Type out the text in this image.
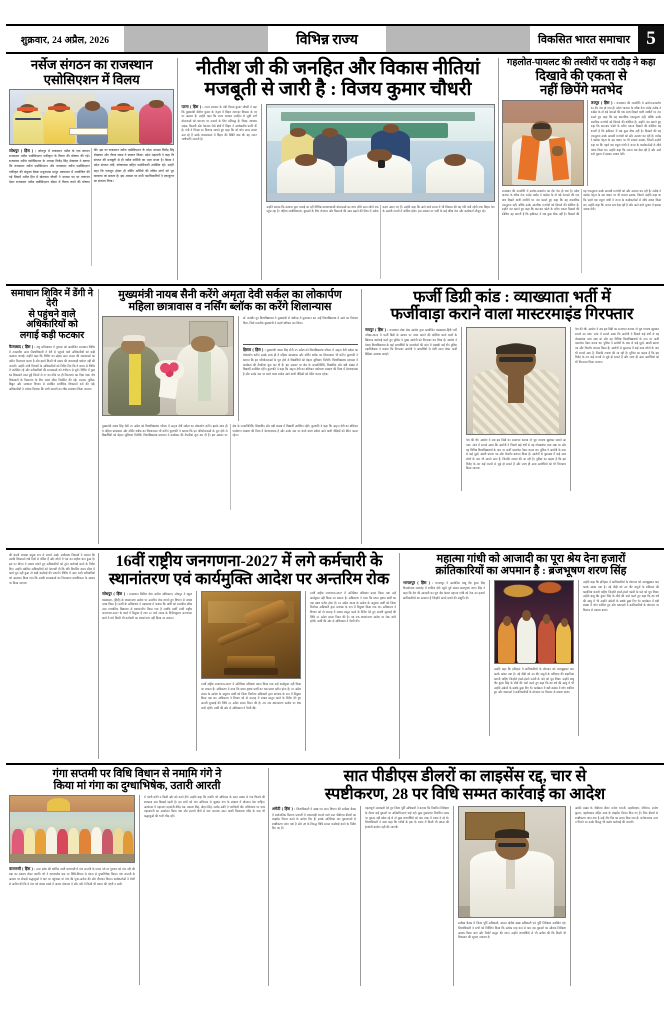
शुक्रवार, 24 अप्रैल, 2026	विभिन्न राज्य	विकसित भारत समाचार 5
नर्सेज संगठन का राजस्थान
एसोसिएशन में विलय
जोधपुर ( हिंस ) । जोधपुर में राजस्थान नर्सेज के एक संगठन राजस्थान नर्सेज एसोसिएशन एकीकृत के विलय की घोषणा की गई। राजस्थान नर्सेज एसोसिएशन के अध्यक्ष विजेंद्र सिंह शेखावत ने बताया कि राजस्थान नर्सेज एसोसिएशन और राजस्थान नर्सेज एसोसिएशन एकीकृत की संयुक्त बैठक मथुरादास माथुर अस्पताल में आयोजित की गई जिसमें नर्सेज हित में खेताराम चौधरी ने अध्यक्ष पद पर न्यागपत्र देकर राजस्थान नर्सेज एसोसिएशन दौसाा में विलय करने की घोषणा की। इस पर राजस्थान नर्सेज एसोसिएशन के प्रदेश अध्यक्ष विजेंद्र सिंह शेखावत और नीरज व्यास ने स्वागत किया। प्रदेश महामंत्री ने कहा कि संगठन की मजबूती से ही नर्सेज कर्मियों का भला संभव है। बैठक में प्रदेश संगठन मंत्री, कोषाध्यक्ष सहित पदाधिकारी उपस्थित रहे। उन्होंने कहा कि एकजुट होकर ही नर्सिंग कर्मियों की लंबित मांगों को पूरा करवाया जा सकता है। इस अवसर पर सभी पदाधिकारियों ने एकजुटता का संकल्प लिया।
नीतीश जी की जनहित और विकास नीतियां
मजबूती से जारी है : विजय कुमार चौधरी
पटना ( हिंस ) । राज्य सरकार के मंत्री विजय कुमार चौधरी ने कहा कि मुख्यमंत्री नीतीश कुमार के नेतृत्व में बिहार लगातार विकास के पथ पर अग्रसर है। उन्होंने कहा कि राज्य सरकार जनहित से जुड़ी सभी योजनाओं को धरातल पर उतारने के लिए प्रतिबद्ध है। शिक्षा, स्वास्थ्य, सड़क, बिजली और पेयजल जैसे क्षेत्रों में बिहार ने उल्लेखनीय प्रगति की है। मंत्री ने विपक्ष पर निशाना साधते हुए कहा कि जो लोग आज सवाल उठा रहे हैं उनके शासनकाल में बिहार की स्थिति क्या थी, यह जनता भलीभांति जानती है।
उन्होंने बताया कि सरकार द्वारा चलाई जा रही विभिन्न कल्याणकारी योजनाओं का लाभ सीधे आम लोगों तक पहुंच रहा है। महिला सशक्तिकरण, युवाओं के लिए रोजगार और किसानों की आय बढ़ाने की दिशा में अनेक कदम उठाए गए हैं। उन्होंने कहा कि आने वाले समय में भी विकास की यह गति बनी रहेगी तथा बिहार देश के अग्रणी राज्यों में शामिल होगा। इस अवसर पर पार्टी के कई वरिष्ठ नेता और कार्यकर्ता मौजूद रहे।
गहलोत-पायलट की तस्वीरों पर राठौड़ ने कहा
दिखावे की एकता से
नहीं छिपेंगे मतभेद
जयपुर ( हिंस ) । राजस्थान की राजनीति में आरोप-प्रत्यारोप का दौर तेज हो गया है। प्रदेश भाजपा के वरिष्ठ नेता राजेंद्र राठौड़ ने कांग्रेस के दो बड़े नेताओं की एक साथ दिखने वाली तस्वीरों पर तंज कसते हुए कहा कि यह वास्तविक एकजुटता नहीं, बल्कि उनके आंतरिक मतभेदों को छिपाने की कोशिश है। उन्होंने तंज कसते हुए कहा कि बार-बार फोटो के जरिए एकता दिखाने की कोशिश यह बताती है कि हकीकत में सब कुछ ठीक नहीं है। दिखाने की यह एकजुटता उनके आपसी मतभेदों को और उजागर कर रही है। राठौड़ ने कांग्रेस नेतृत्व के उस बयान पर भी सवाल उठाया, जिसमें उन्होंने कहा था कि पहले बार राहुल गांधी ने राज्य के कार्यकर्ताओं से सीधे संवाद किया था। उन्होंने कहा कि जनता सब देख रही है और आने वाले चुनाव में इसका जवाब देगी।
राजस्थान की राजनीति में आरोप-प्रत्यारोप का दौर तेज हो गया है। प्रदेश भाजपा के वरिष्ठ नेता राजेंद्र राठौड़ ने कांग्रेस के दो बड़े नेताओं की एक साथ दिखने वाली तस्वीरों पर तंज कसते हुए कहा कि यह वास्तविक एकजुटता नहीं, बल्कि उनके आंतरिक मतभेदों को छिपाने की कोशिश है। उन्होंने तंज कसते हुए कहा कि बार-बार फोटो के जरिए एकता दिखाने की कोशिश यह बताती है कि हकीकत में सब कुछ ठीक नहीं है। दिखाने की यह एकजुटता उनके आपसी मतभेदों को और उजागर कर रही है। राठौड़ ने कांग्रेस नेतृत्व के उस बयान पर भी सवाल उठाया, जिसमें उन्होंने कहा था कि पहले बार राहुल गांधी ने राज्य के कार्यकर्ताओं से सीधे संवाद किया था। उन्होंने कहा कि जनता सब देख रही है और आने वाले चुनाव में इसका जवाब देगी।
समाधान शिविर में डेंगी ने देरी
से पहुंचने वाले अधिकारियों को
लगाई कड़ी फटकार
फैजाबाद ( हिंस ) । राघु सचिवालय में गुरुवार को आयोजित समाधान शिविर में तत्कालीन अपर जिलाधिकारी ने देरी से पहुंचने वाले अधिकारियों को कड़ी फटकार लगाई। उन्होंने कहा कि शिविर का उद्देश्य आम जनता की समस्याओं का त्वरित निस्तारण करना है और इसमें किसी भी प्रकार की लापरवाही बर्दाश्त नहीं की जाएगी। उन्होंने सभी विभागों के अधिकारियों को निर्देश दिए कि वे समय से शिविर में उपस्थित रहें और फरियादियों की समस्याओं को गंभीरता से सुनें। शिविर में कुल 84 शिकायतें प्राप्त हुईं जिनमें से 37 का मौके पर ही निस्तारण कर दिया गया। शेष शिकायतों के निस्तारण के लिए समय सीमा निर्धारित की गई। राजस्व, पुलिस, विद्युत और जलकल विभाग से संबंधित सर्वाधिक शिकायतें दर्ज की गईं। अधिकारियों ने भरोसा दिलाया कि सभी मामलों का शीघ्र समाधान किया जाएगा।
मुख्यमंत्री नायब सैनी करेंगे अमृता देवी सर्कल का लोकार्पण
महिला छात्रावास व नर्सिंग ब्लॉक का करेंगे शिलान्यास
डॉ. सतबीर दून विश्वविद्यालय ने मुख्यमंत्री से चंडीगढ़ में मुलाकात कर उन्हें विश्वविद्यालय में आने का निमंत्रण दिया, जिसे माननीय मुख्यमंत्री ने सहर्ष स्वीकार कर लिया।
हिसार ( हिंस ) । मुख्यमंत्री नायब सिंह सैनी 25 अप्रैल को विश्वविद्यालय परिसर में अमृता देवी सर्कल का लोकार्पण करेंगे। इसके साथ ही वे महिला छात्रावास और नर्सिंग ब्लॉक का शिलान्यास भी करेंगे। कुलपति ने बताया कि इन परियोजनाओं के पूरा होने से विद्यार्थियों को बेहतर सुविधाएं मिलेंगी। विश्वविद्यालय प्रशासन ने कार्यक्रम की तैयारियां शुरू कर दी हैं। इस अवसर पर क्षेत्र के जनप्रतिनिधि, शिक्षाविद और बड़ी संख्या में विद्यार्थी उपस्थित रहेंगे। कुलपति ने कहा कि अमृता देवी का बलिदान पर्यावरण संरक्षण की दिशा में प्रेरणादायक है और उनके नाम पर बनने वाला सर्कल आने वाली पीढ़ियों को प्रेरित करता रहेगा।
मुख्यमंत्री नायब सिंह सैनी 25 अप्रैल को विश्वविद्यालय परिसर में अमृता देवी सर्कल का लोकार्पण करेंगे। इसके साथ ही वे महिला छात्रावास और नर्सिंग ब्लॉक का शिलान्यास भी करेंगे। कुलपति ने बताया कि इन परियोजनाओं के पूरा होने से विद्यार्थियों को बेहतर सुविधाएं मिलेंगी। विश्वविद्यालय प्रशासन ने कार्यक्रम की तैयारियां शुरू कर दी हैं। इस अवसर पर क्षेत्र के जनप्रतिनिधि, शिक्षाविद और बड़ी संख्या में विद्यार्थी उपस्थित रहेंगे। कुलपति ने कहा कि अमृता देवी का बलिदान पर्यावरण संरक्षण की दिशा में प्रेरणादायक है और उनके नाम पर बनने वाला सर्कल आने वाली पीढ़ियों को प्रेरित करता रहेगा।
फर्जी डिग्री कांड : व्याख्याता भर्ती में
फर्जीवाड़ा कराने वाला मास्टरमाइंड गिरफ्तार
जयपुर ( हिंस ) । राजस्थान लोक सेवा आयोग द्वारा आयोजित व्याख्याता-हिंदी भर्ती परीक्षा-2022 में फर्जी डिग्री के आधार पर चयन कराने की कोशिश करने वालों के खिलाफ कार्रवाई करते हुए पुलिस ने मुख्य आरोपी को गिरफ्तार कर लिया है। आयोग ने मेवाड़ विश्वविद्यालय के कई अभ्यर्थियों के दस्तावेजों की जांच में गड़बड़ी पाई थी। पुलिस महानिरीक्षक ने बताया कि गिरफ्तार आरोपी ने अभ्यर्थियों से मोटी रकम लेकर फर्जी डिग्रियां उपलब्ध कराईं।
पेश की थी। आयोग ने जब इस डिग्री का सत्यापन कराया तो पूरा मामला खुलकर सामने आ गया। जांच में सामने आया कि आरोपी ने पिछले कई वर्षों से यह गोरखधंधा चला रखा था और वह विभिन्न विश्वविद्यालयों के नाम पर फर्जी दस्तावेज तैयार करता था। पुलिस ने आरोपी के पास से कई मुहरें, खाली प्रमाण पत्र और लैपटॉप बरामद किया है। आरोपी से पूछताछ में कई अन्य लोगों के नाम भी सामने आए हैं, जिनकी तलाश की जा रही है। पुलिस का कहना है कि इस गिरोह के तार कई राज्यों से जुड़े हो सकते हैं और जल्द ही अन्य आरोपियों को भी गिरफ्तार किया जाएगा।
पेश की थी। आयोग ने जब इस डिग्री का सत्यापन कराया तो पूरा मामला खुलकर सामने आ गया। जांच में सामने आया कि आरोपी ने पिछले कई वर्षों से यह गोरखधंधा चला रखा था और वह विभिन्न विश्वविद्यालयों के नाम पर फर्जी दस्तावेज तैयार करता था। पुलिस ने आरोपी के पास से कई मुहरें, खाली प्रमाण पत्र और लैपटॉप बरामद किया है। आरोपी से पूछताछ में कई अन्य लोगों के नाम भी सामने आए हैं, जिनकी तलाश की जा रही है। पुलिस का कहना है कि इस गिरोह के तार कई राज्यों से जुड़े हो सकते हैं और जल्द ही अन्य आरोपियों को भी गिरफ्तार किया जाएगा।
की बढ़ती समस्या प्रमुख रूप से सामने आई। अधीनस्थ निकायों ने बताया कि उनकी शिकायतें लंबे दिनों से लंबित हैं और लोगों में भय का माहौल बना हुआ है। इस पर डीएम ने जवाब मांगते हुए अधिकारियों को तुरंत कार्रवाई करने के निर्देश दिए। उन्होंने संबंधित अधिकारियों को चेतावनी दी कि यदि निर्धारित समय सीमा में कार्य पूरा नहीं हुआ तो कड़ी कार्रवाई की जाएगी। शिविर में आए सभी फरियादियों को आश्वस्त किया गया कि उनकी समस्याओं का निराकरण प्राथमिकता के आधार पर किया जाएगा।
16वीं राष्ट्रीय जनगणना-2027 में लगे कर्मचारी के
स्थानांतरण एवं कार्यमुक्ति आदेश पर अन्तरिम रोक
जोधपुर ( हिंस ) । राजस्थान सिविल सेवा अपील अधिकरण, जोधपुर ने स्कूल व्याख्याता, (हिंदी) के स्थानांतरण आदेश पर अन्तरिम रोक लगाते हुए विभाग से जवाब तलब किया है। प्रार्थी के अधिवक्ता ने न्यायालय में बताया कि प्रार्थी को राजकीय वरिष्ठ उच्च माध्यमिक विद्यालय से स्थानांतरित किया गया है जबकि प्रार्थी 16वीं राष्ट्रीय जनगणना-2027 के कार्य में नियुक्त है तथा 12 मार्च 2026 के निर्देशानुसार जनगणना कार्य में लगे किसी भी कर्मचारी का स्थानांतरण नहीं किया जा सकता।
16वीं राष्ट्रीय जनगणना-2027 में अतिरिक्त प्रशिक्षण प्रदान किया गया उन्हें कार्यमुक्त नहीं किया जा सकता है। अधिकरण ने माना कि प्रथम दृष्टया प्रार्थी का पक्ष प्रबल प्रतीत होता है। 01 अप्रैल 2026 के आदेश के अनुसार प्रार्थी को जिला निर्वाचन अधिकारी द्वारा प्रगणक के रूप में नियुक्त किया गया था। अधिकरण ने विभाग को दो सप्ताह में जवाब प्रस्तुत करने के निर्देश देते हुए अगली सुनवाई की तिथि 21 अप्रैल 2026 नियत की है। तब तक स्थानांतरण आदेश पर रोक जारी रहेगी। प्रार्थी की ओर से अधिवक्ता ने पैरवी की।
16वीं राष्ट्रीय जनगणना-2027 में अतिरिक्त प्रशिक्षण प्रदान किया गया उन्हें कार्यमुक्त नहीं किया जा सकता है। अधिकरण ने माना कि प्रथम दृष्टया प्रार्थी का पक्ष प्रबल प्रतीत होता है। 01 अप्रैल 2026 के आदेश के अनुसार प्रार्थी को जिला निर्वाचन अधिकारी द्वारा प्रगणक के रूप में नियुक्त किया गया था। अधिकरण ने विभाग को दो सप्ताह में जवाब प्रस्तुत करने के निर्देश देते हुए अगली सुनवाई की तिथि 21 अप्रैल 2026 नियत की है। तब तक स्थानांतरण आदेश पर रोक जारी रहेगी। प्रार्थी की ओर से अधिवक्ता ने पैरवी की।
महात्मा गांधी को आजादी का पूरा श्रेय देना हजारों
क्रांतिकारियों का अपमान है : ब्रजभूषण शरण सिंह
भागलपुर ( हिंस ) । भागलपुर में आयोजित बाबू वीर कुंवर सिंह विजयोत्सव समारोह में शामिल होने पहुंचे पूर्व सांसद ब्रजभूषण शरण सिंह ने कहा कि देश की आजादी का पूरा श्रेय केवल महात्मा गांधी को देना उन हजारों क्रांतिकारियों का अपमान है जिन्होंने अपने प्राणों की आहुति दी।
उन्होंने कहा कि इतिहास में क्रांतिकारियों के योगदान को जानबूझकर कम करके आंका गया है। नई पीढ़ी को उन वीर सपूतों के बलिदान की कहानियां बतानी चाहिए जिन्होंने हंसते-हंसते फांसी के फंदे को चूम लिया। उन्होंने बाबू वीर कुंवर सिंह के शौर्य की चर्चा करते हुए कहा कि 80 वर्ष की आयु में भी उन्होंने अंग्रेजों के छक्के छुड़ा दिए थे। कार्यक्रम में बड़ी संख्या में लोग शामिल हुए और वक्ताओं ने क्रांतिकारियों के योगदान पर विस्तार से प्रकाश डाला।
उन्होंने कहा कि इतिहास में क्रांतिकारियों के योगदान को जानबूझकर कम करके आंका गया है। नई पीढ़ी को उन वीर सपूतों के बलिदान की कहानियां बतानी चाहिए जिन्होंने हंसते-हंसते फांसी के फंदे को चूम लिया। उन्होंने बाबू वीर कुंवर सिंह के शौर्य की चर्चा करते हुए कहा कि 80 वर्ष की आयु में भी उन्होंने अंग्रेजों के छक्के छुड़ा दिए थे। कार्यक्रम में बड़ी संख्या में लोग शामिल हुए और वक्ताओं ने क्रांतिकारियों के योगदान पर विस्तार से प्रकाश डाला।
गंगा सप्तमी पर विधि विधान से नमामि गंगे ने
किया मां गंगा का दुग्धाभिषेक, उतारी आरती
वाराणसी ( हिंस ) । उत्तर प्रदेश की धार्मिक नगरी वाराणसी में गंगा सप्तमी के पावन पर्व पर गुरुवार को गंगा नदी की रक्षा का संकल्प लेकर नमामि गंगे ने दशाश्वमेध घाट पर विधि-विधान से वंदना से दुग्धाभिषेक किया। गंगा सप्तमी के अवसर पर सैकड़ों श्रद्धालुओं ने घाट पर पहुंचकर मां गंगा की पूजा-अर्चना की और दीपदान किया। कार्यकर्ताओं ने लोगों से अपील की कि वे गंगा को स्वच्छ रखने में अपना योगदान दें और नदी में किसी भी प्रकार की गंदगी न डालें।
में गंदगी करेंगे न किसी और को करने देंगे। उन्होंने कहा कि नमामि गंगे अभियान के सतत प्रयास से गंगा किनारे की स्वच्छता अब दिखाई पड़ती है। हम सभी को गंगा अभियान से जुड़कर गंगा के संरक्षण में योगदान देना चाहिए। आयोजन में महानगर महामंत्री वीरेंद्र राय, प्रकाश सिंह, मोहन सिंह, सत्येंद्र आदि ने भागीदारी की। ललितघाट पर भव्य महाआरती का आयोजन किया गया और हजारों दीपों से घाट जगमगा उठा। काशी विश्वनाथ मंदिर के पास भी श्रद्धालुओं की भारी भीड़ रही।
सात पीडीएस डीलरों का लाइसेंस रद्द, चार से
स्पष्टीकरण, 28 पर विधि सम्मत कार्रवाई का आदेश
अमेठी ( हिंस ) । जिलाधिकारी ने खाद्य एवं रसद विभाग की समीक्षा बैठक में सार्वजनिक वितरण प्रणाली में लापरवाही बरतने वाले सात पीडीएस डीलरों का लाइसेंस निरस्त करने के आदेश दिए हैं। इसके अतिरिक्त चार दुकानदारों से स्पष्टीकरण मांगा गया है और 28 के विरुद्ध विधि सम्मत कार्रवाई करने के निर्देश दिए गए हैं।
महत्वपूर्ण जानकारी देते हुए जिला पूर्ति अधिकारी ने बताया कि नियमित निरीक्षण के दौरान कई दुकानों पर अनियमितताएं पाई गईं। कुछ दुकानदार निर्धारित समय पर दुकान नहीं खोल रहे थे तो कुछ लाभार्थियों को कम मात्रा में राशन दे रहे थे। जिलाधिकारी ने स्पष्ट कहा कि गरीबों के हक के राशन में किसी भी प्रकार की हेराफेरी बर्दाश्त नहीं की जाएगी।
समीक्षा बैठक में जिला पूर्ति अधिकारी, समस्त क्षेत्रीय खाद्य अधिकारी एवं पूर्ति निरीक्षक उपस्थित रहे। जिलाधिकारी ने सभी को निर्देशित किया कि प्रत्येक माह कम से कम दस दुकानों का औचक निरीक्षण अवश्य किया जाए और रिपोर्ट प्रस्तुत की जाए। उन्होंने लाभार्थियों से भी अपील की कि किसी भी शिकायत की सूचना तत्काल दें।
अमेठी प्रखंड के पीडीएस डीलर राजेश भारती, तहसीलदार, गौरीगंज, संतोष कुमार, तहसीलदार सहित अन्य के लाइसेंस निरस्त किए गए हैं। जिन डीलरों से स्पष्टीकरण मांगा गया है उन्हें तीन दिन का समय दिया गया है। संतोषजनक उत्तर न मिलने पर उनके विरुद्ध भी कठोर कार्रवाई की जाएगी।
